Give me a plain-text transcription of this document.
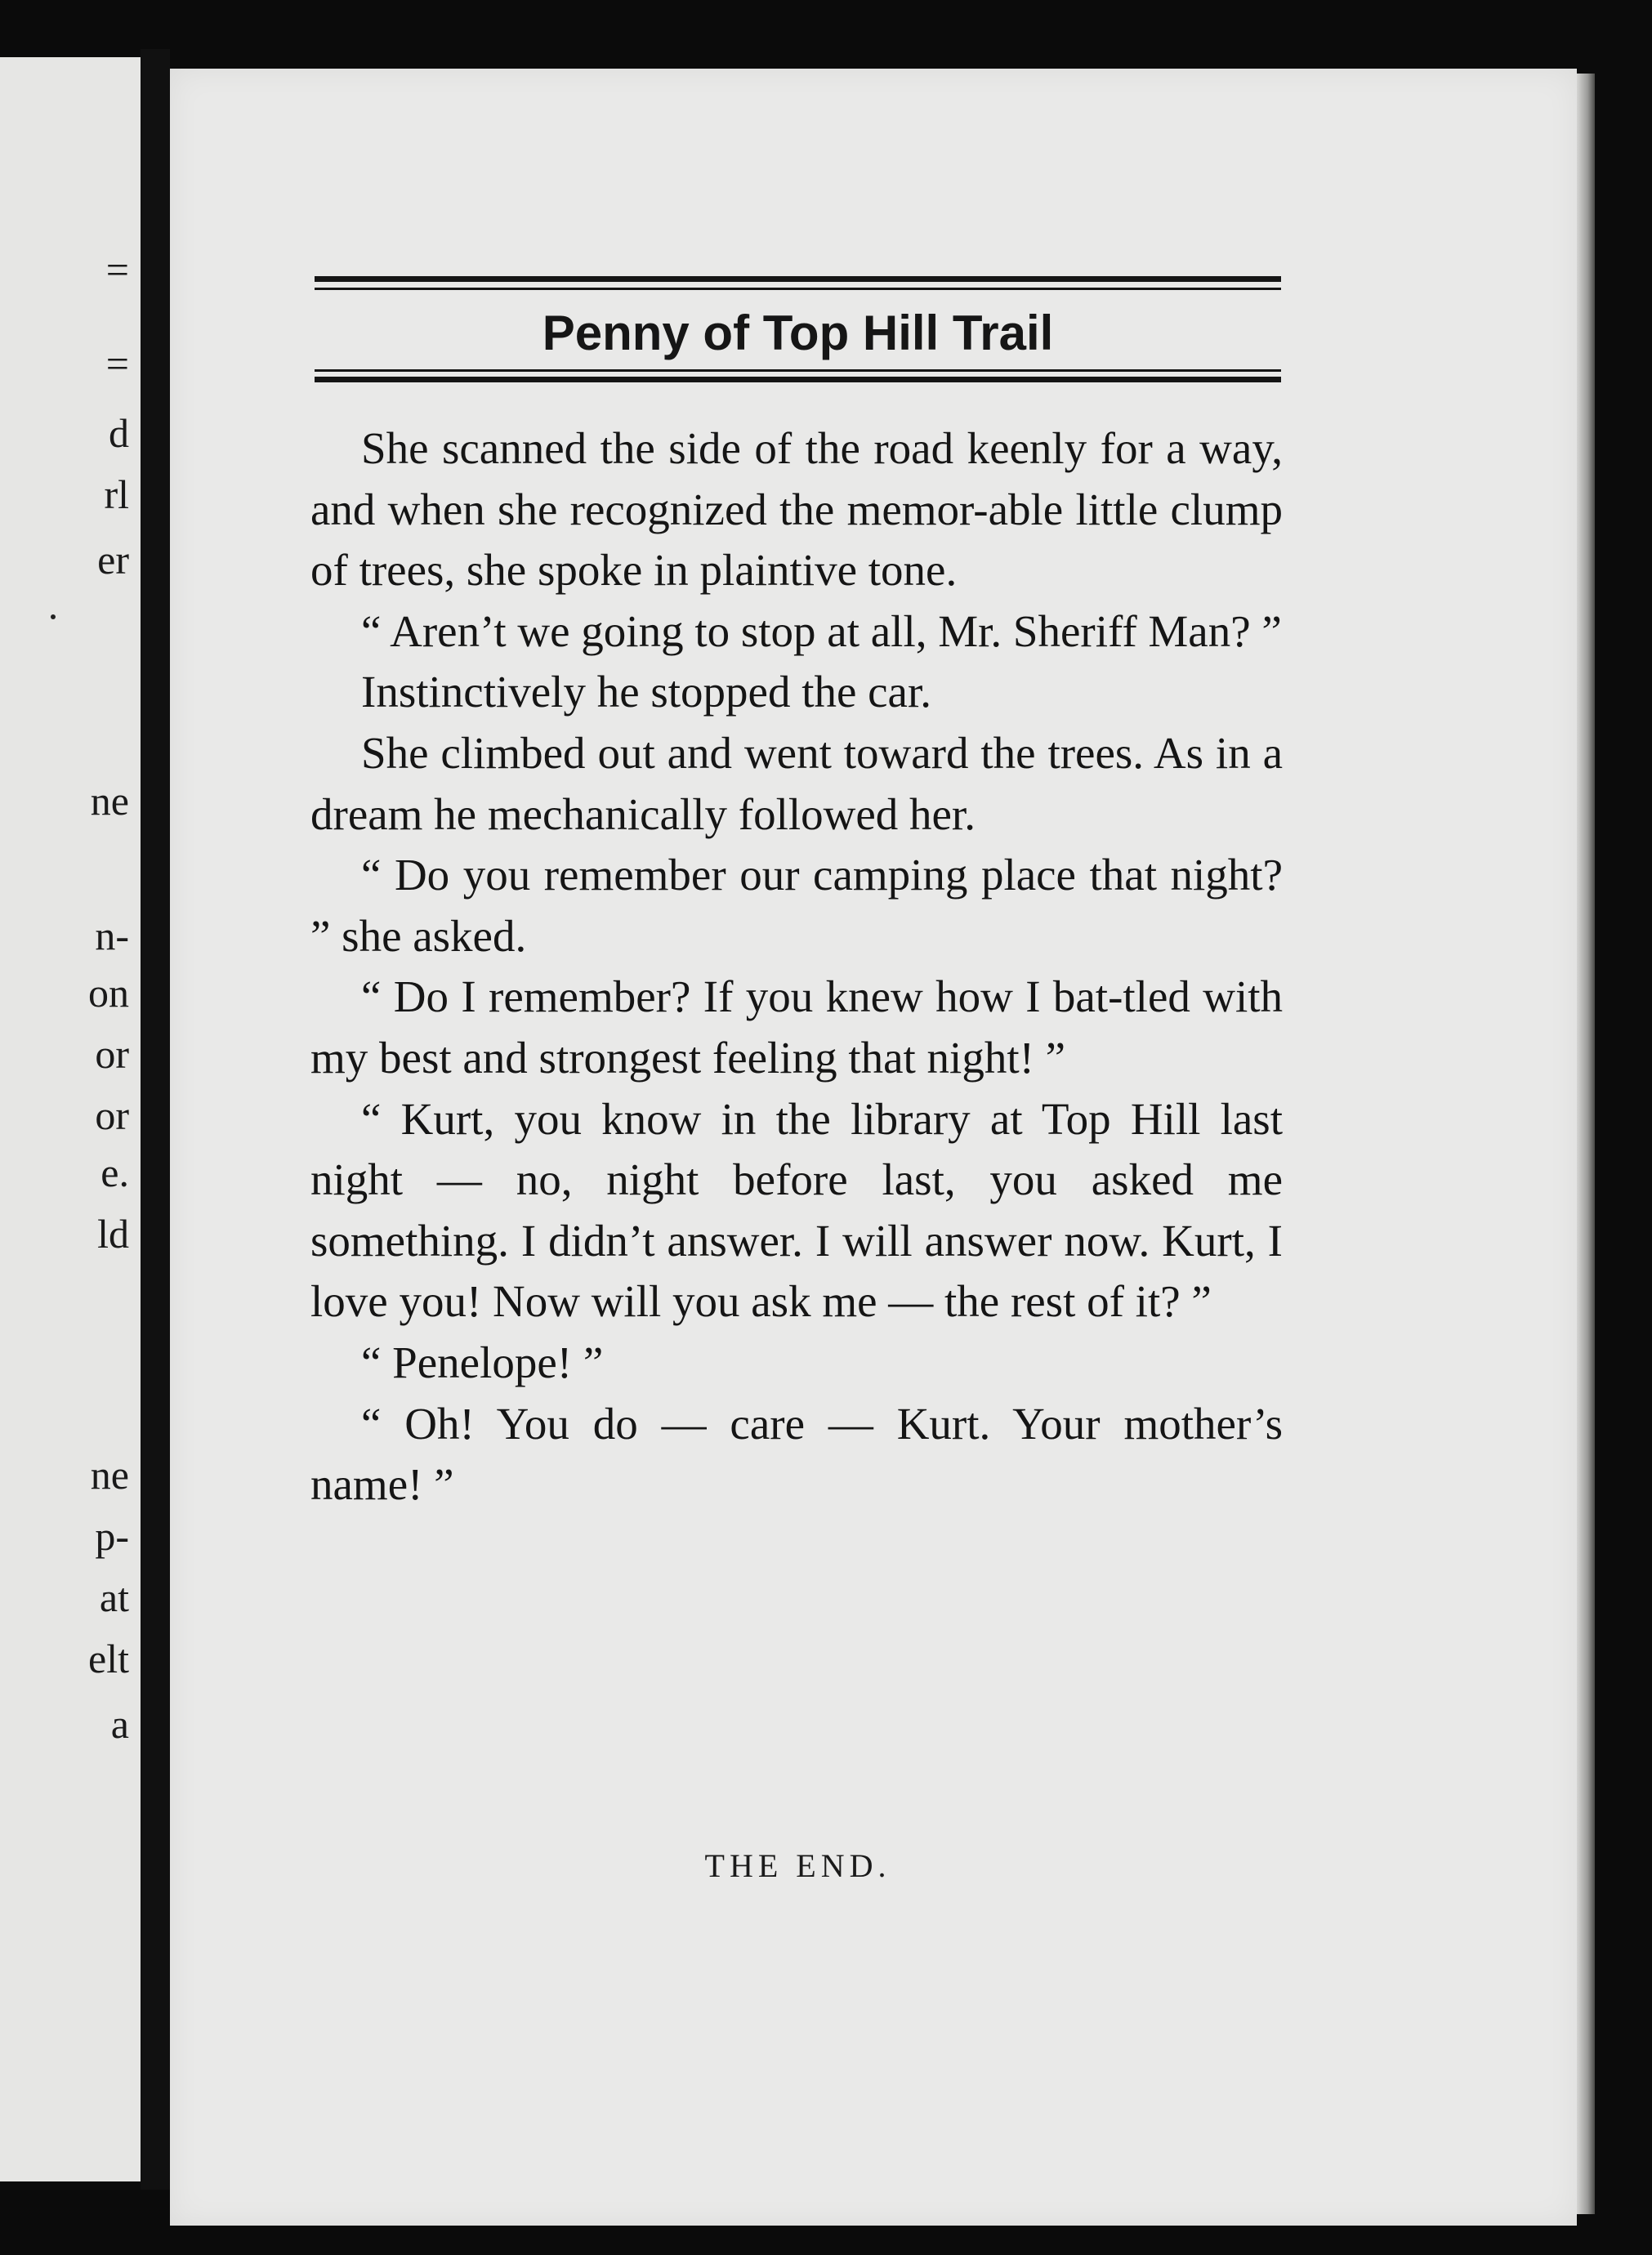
=
=
d
rl
er
ne
n-
on
or
or
e.
ld
ne
p-
at
elt
a
Penny of Top Hill Trail

She scanned the side of the road keenly for a way, and when she recognized the memor-able little clump of trees, she spoke in plaintive tone.

“ Aren’t we going to stop at all, Mr. Sheriff Man? ”

Instinctively he stopped the car.

She climbed out and went toward the trees. As in a dream he mechanically followed her.

“ Do you remember our camping place that night? ” she asked.

“ Do I remember? If you knew how I bat-tled with my best and strongest feeling that night! ”

“ Kurt, you know in the library at Top Hill last night — no, night before last, you asked me something. I didn’t answer. I will answer now. Kurt, I love you! Now will you ask me — the rest of it? ”

“ Penelope! ”

“ Oh! You do — care — Kurt. Your mother’s name! ”

THE END.
